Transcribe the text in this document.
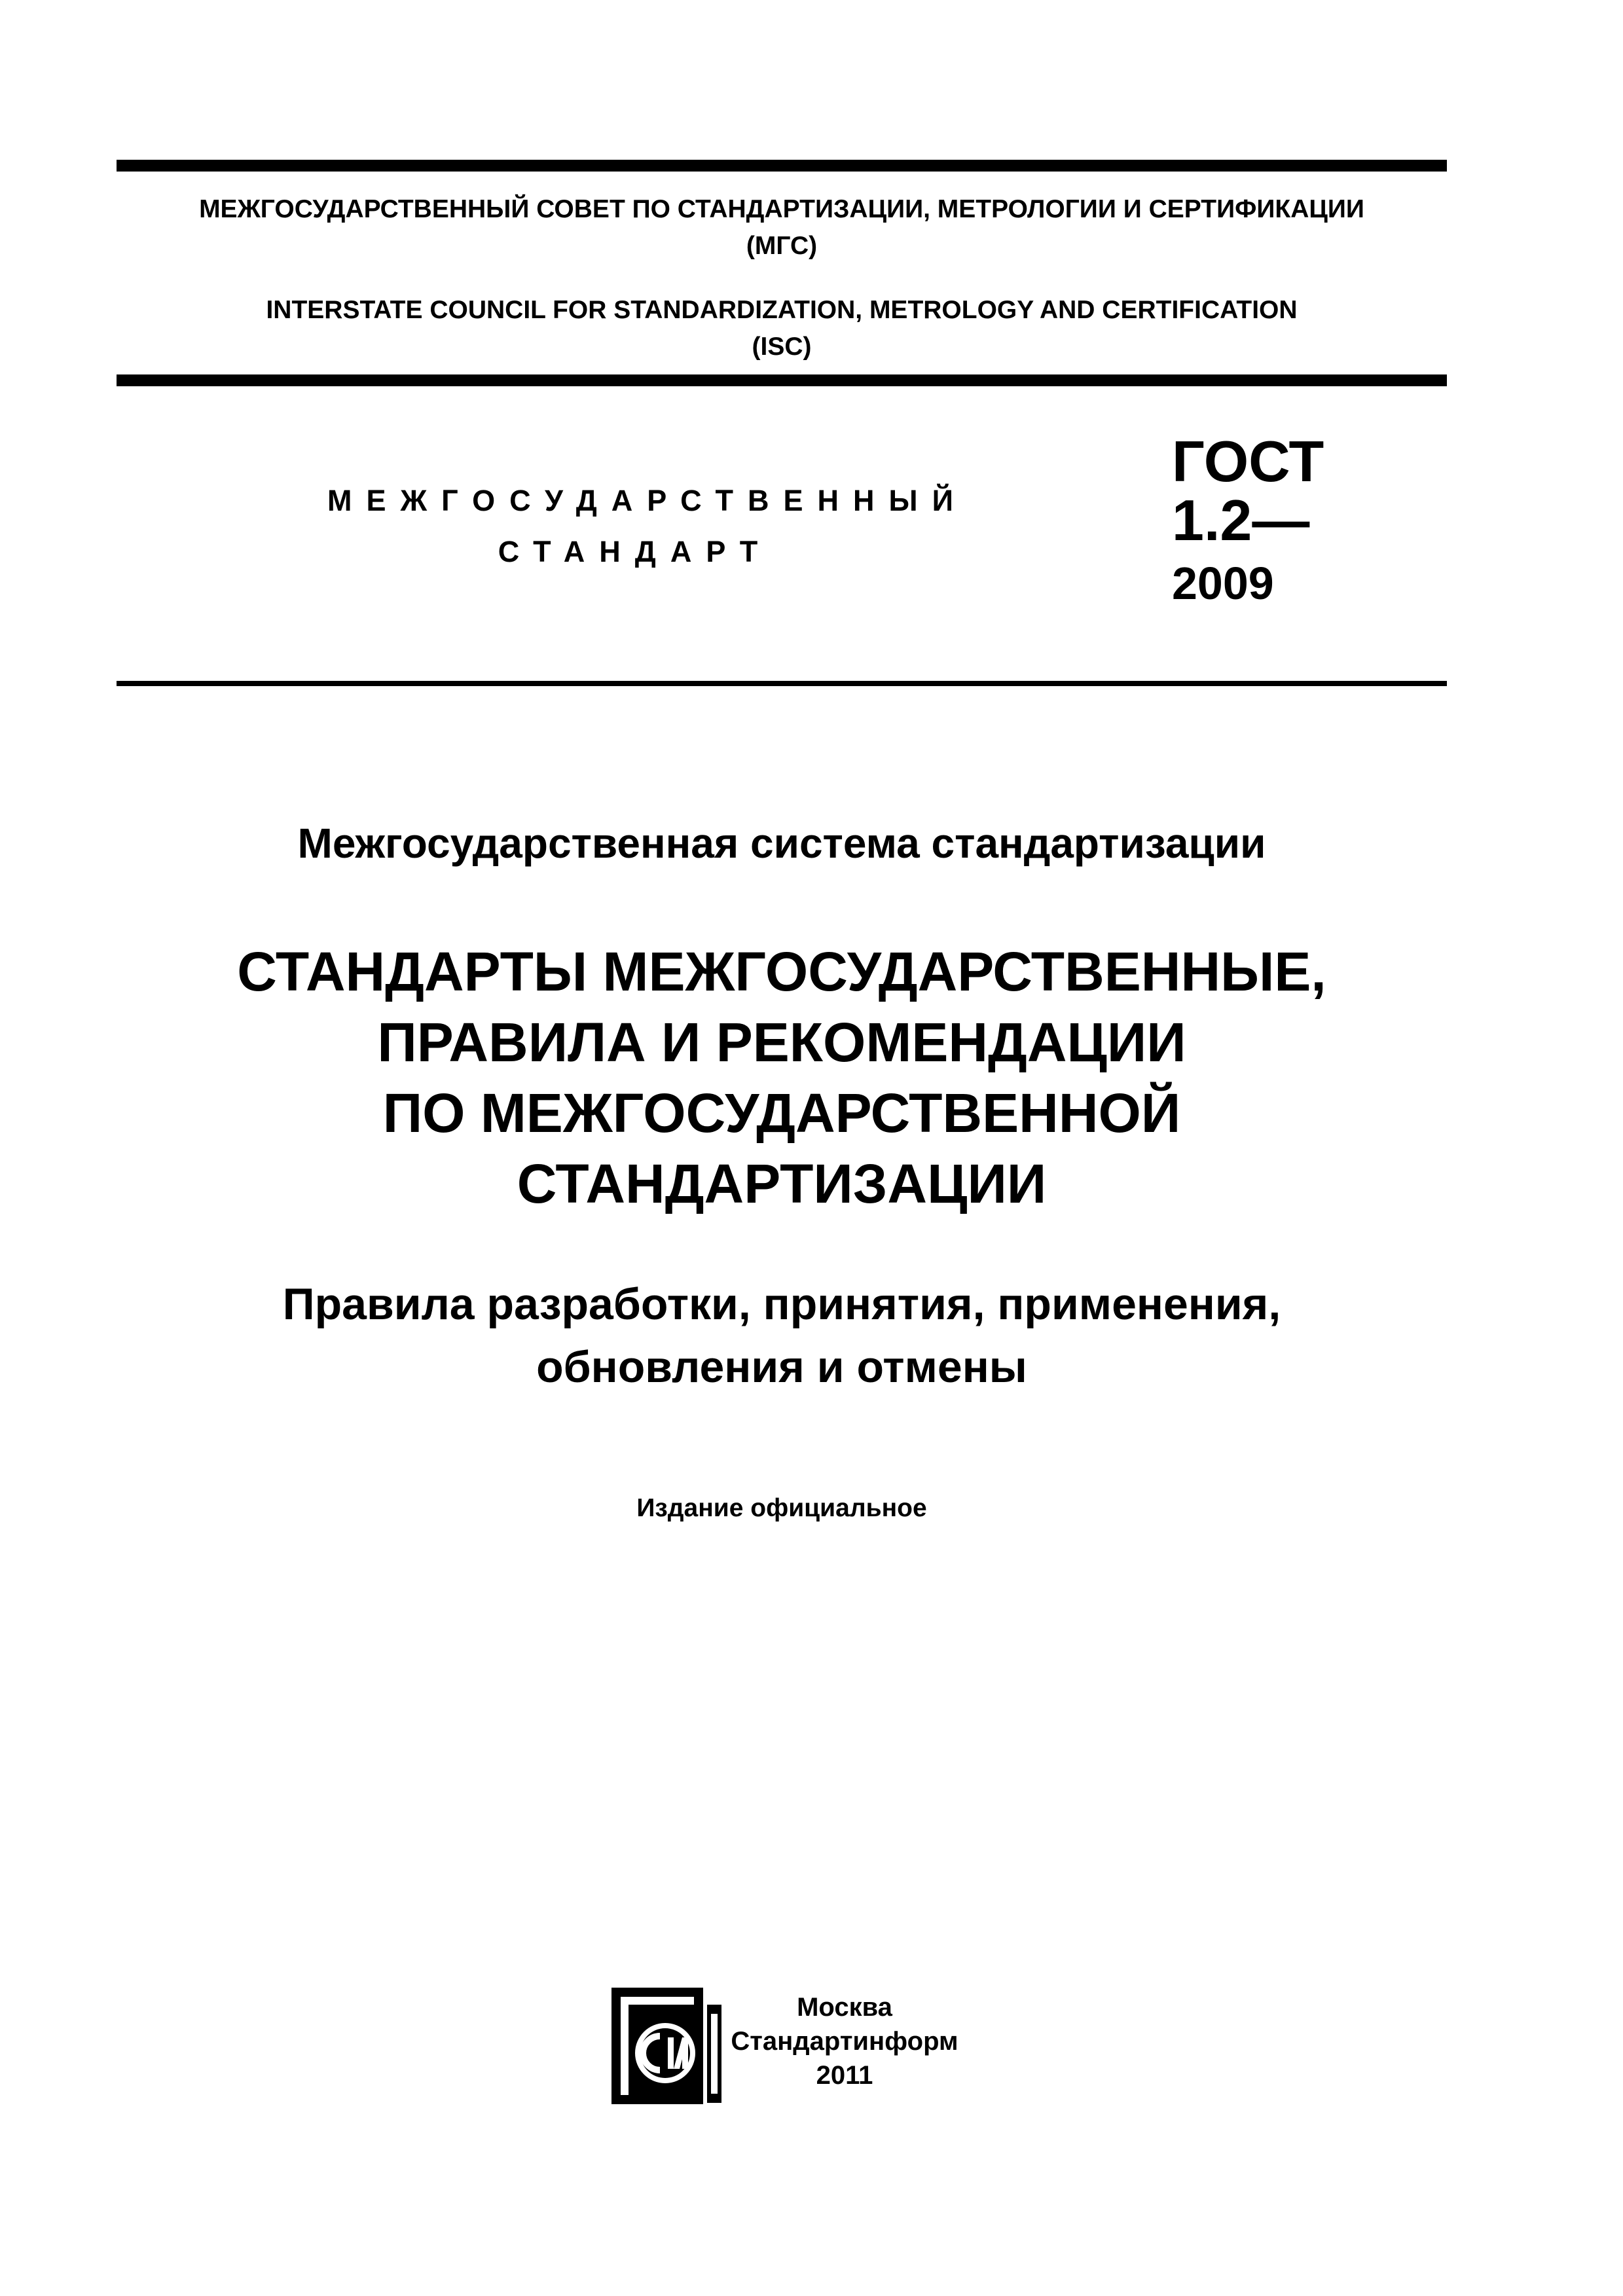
МЕЖГОСУДАРСТВЕННЫЙ СОВЕТ ПО СТАНДАРТИЗАЦИИ, МЕТРОЛОГИИ И СЕРТИФИКАЦИИ
(МГС)
INTERSTATE COUNCIL FOR STANDARDIZATION, METROLOGY AND CERTIFICATION
(ISC)
МЕЖГОСУДАРСТВЕННЫЙ
СТАНДАРТ
ГОСТ
1.2—
2009
Межгосударственная система стандартизации
СТАНДАРТЫ МЕЖГОСУДАРСТВЕННЫЕ,
ПРАВИЛА И РЕКОМЕНДАЦИИ
ПО МЕЖГОСУДАРСТВЕННОЙ
СТАНДАРТИЗАЦИИ
Правила разработки, принятия, применения,
обновления и отмены
Издание официальное
Москва
Стандартинформ
2011
